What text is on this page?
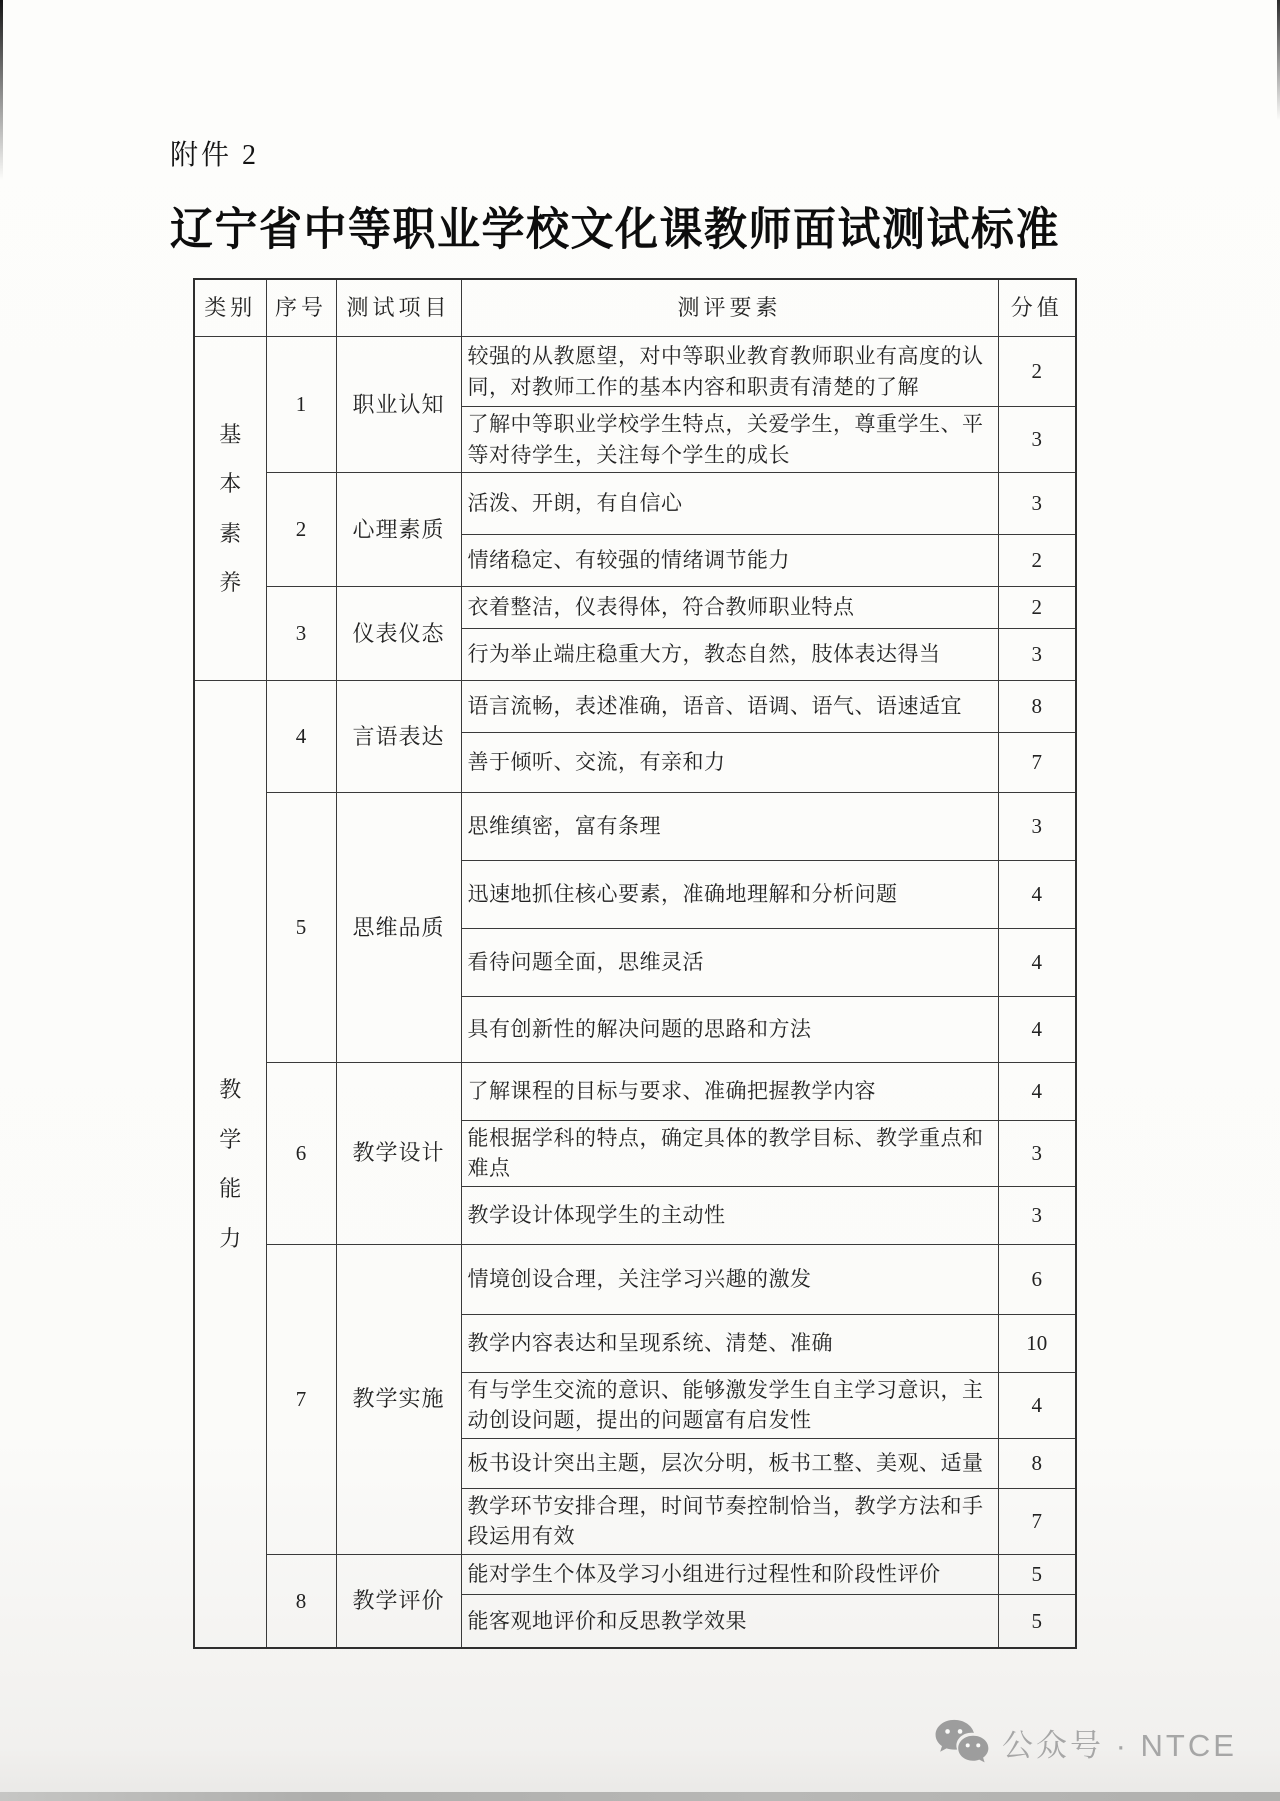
附件 2
辽宁省中等职业学校文化课教师面试测试标准
类别	序号	测试项目	测评要素	分值

基本素养	1	职业认知	较强的从教愿望，对中等职业教育教师职业有高度的认同，对教师工作的基本内容和职责有清楚的了解	2
			了解中等职业学校学生特点，关爱学生，尊重学生、平等对待学生，关注每个学生的成长	3
	2	心理素质	活泼、开朗，有自信心	3
			情绪稳定、有较强的情绪调节能力	2
	3	仪表仪态	衣着整洁，仪表得体，符合教师职业特点	2
			行为举止端庄稳重大方，教态自然，肢体表达得当	3

教学能力	4	言语表达	语言流畅，表述准确，语音、语调、语气、语速适宜	8
			善于倾听、交流，有亲和力	7
	5	思维品质	思维缜密，富有条理	3
			迅速地抓住核心要素，准确地理解和分析问题	4
			看待问题全面，思维灵活	4
			具有创新性的解决问题的思路和方法	4
	6	教学设计	了解课程的目标与要求、准确把握教学内容	4
			能根据学科的特点，确定具体的教学目标、教学重点和难点	3
			教学设计体现学生的主动性	3
	7	教学实施	情境创设合理，关注学习兴趣的激发	6
			教学内容表达和呈现系统、清楚、准确	10
			有与学生交流的意识、能够激发学生自主学习意识，主动创设问题，提出的问题富有启发性	4
			板书设计突出主题，层次分明，板书工整、美观、适量	8
			教学环节安排合理，时间节奏控制恰当，教学方法和手段运用有效	7
	8	教学评价	能对学生个体及学习小组进行过程性和阶段性评价	5
			能客观地评价和反思教学效果	5
公众号 · NTCE
